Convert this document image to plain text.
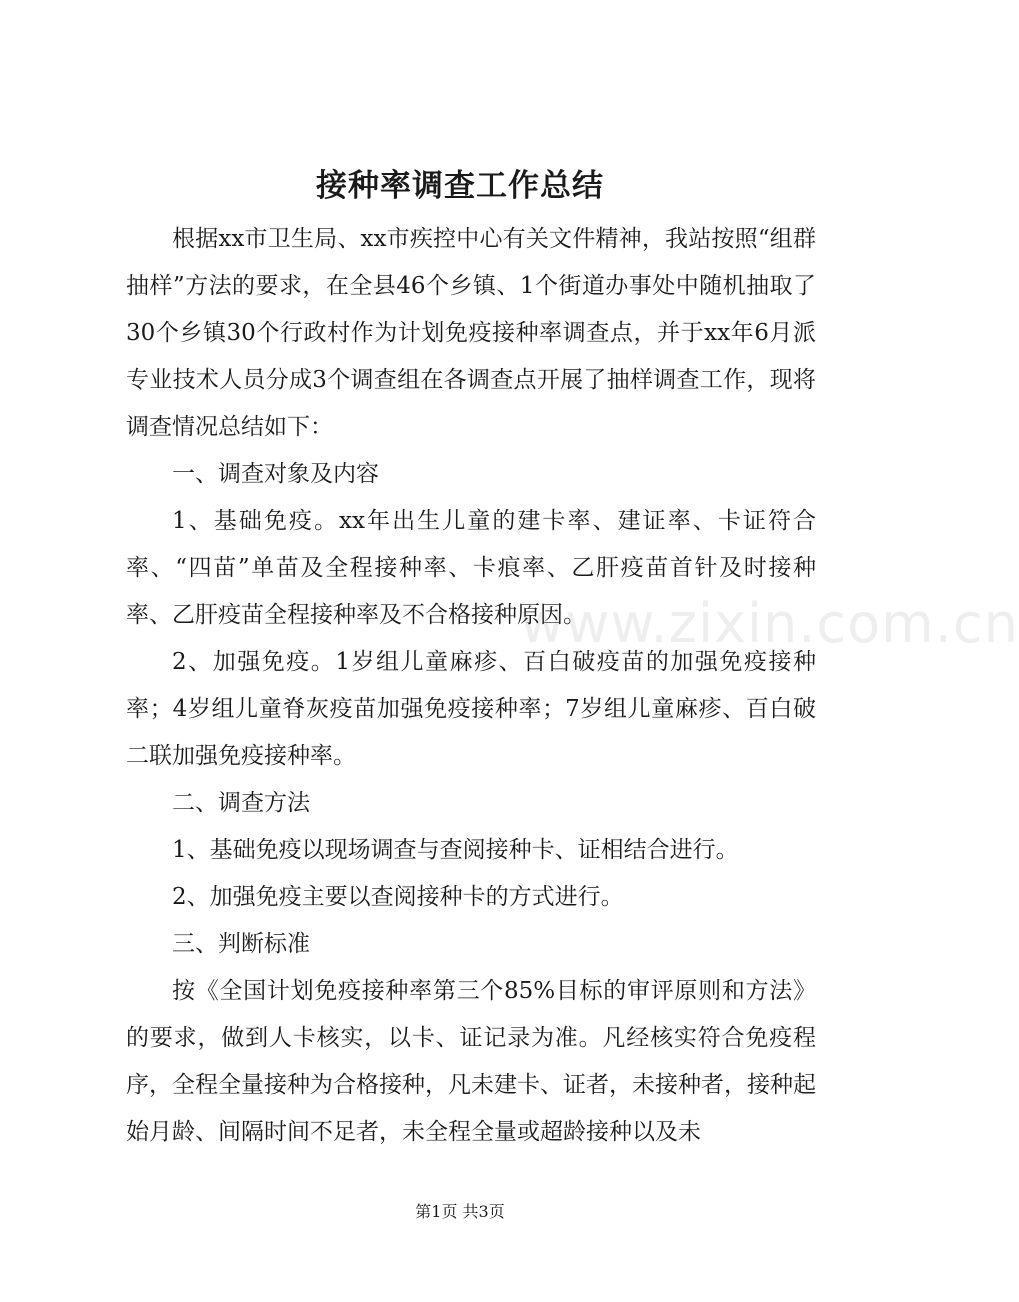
接种率调查工作总结

根据xx市卫生局、xx市疾控中心有关文件精神，我站按照“组群抽样”方法的要求，在全县46个乡镇、1个街道办事处中随机抽取了30个乡镇30个行政村作为计划免疫接种率调查点，并于xx年6月派专业技术人员分成3个调查组在各调查点开展了抽样调查工作，现将调查情况总结如下：

一、调查对象及内容

1、基础免疫。xx年出生儿童的建卡率、建证率、卡证符合率、“四苗”单苗及全程接种率、卡痕率、乙肝疫苗首针及时接种率、乙肝疫苗全程接种率及不合格接种原因。

2、加强免疫。1岁组儿童麻疹、百白破疫苗的加强免疫接种率；4岁组儿童脊灰疫苗加强免疫接种率；7岁组儿童麻疹、百白破二联加强免疫接种率。

二、调查方法

1、基础免疫以现场调查与查阅接种卡、证相结合进行。

2、加强免疫主要以查阅接种卡的方式进行。

三、判断标准

按《全国计划免疫接种率第三个85%目标的审评原则和方法》的要求，做到人卡核实，以卡、证记录为准。凡经核实符合免疫程序，全程全量接种为合格接种，凡未建卡、证者，未接种者，接种起始月龄、间隔时间不足者，未全程全量或超龄接种以及未

www.zixin.com.cn
第1页 共3页
